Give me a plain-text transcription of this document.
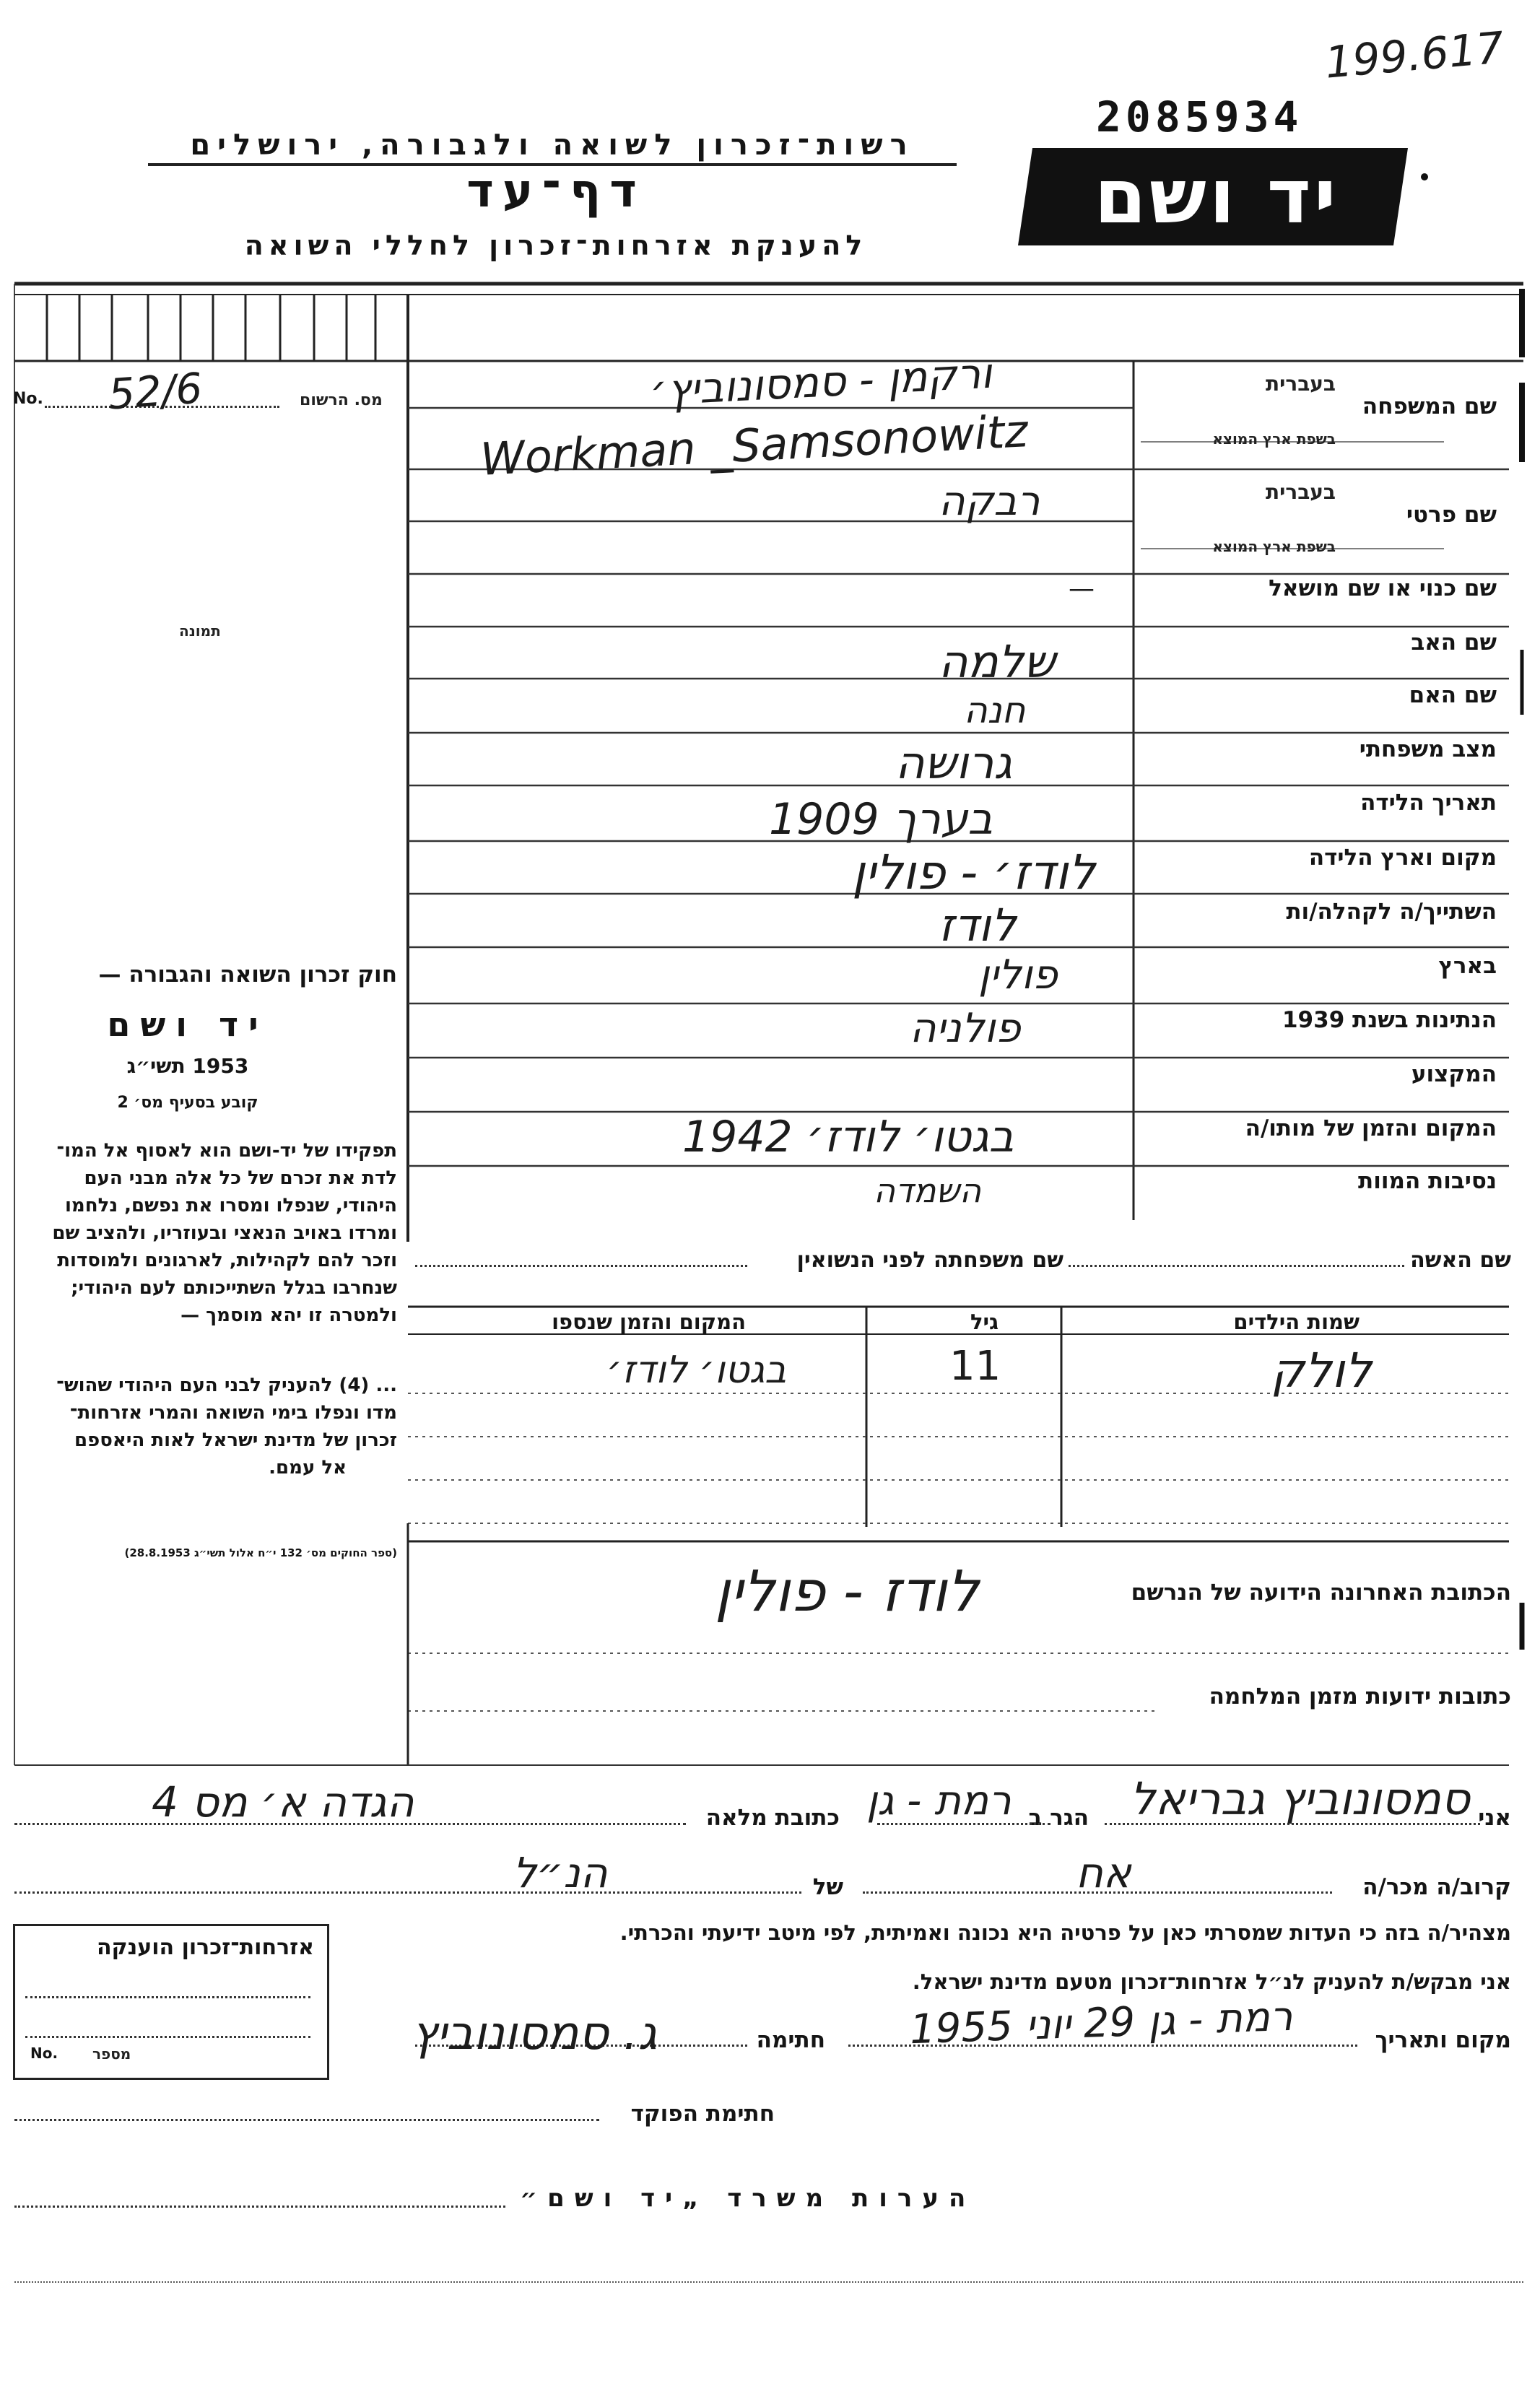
199.617
2085934
רשות־זכרון לשואה ולגבורה, ירושלים
דף־עד
להענקת אזרחות־זכרון לחללי השואה
יד ושם
No. 52/6	מס. הרשום
תמונה
חוק זכרון השואה והגבורה —
יד ושם
1953 תשי״ג
קובע בסעיף מס׳ 2
תפקידו של יד-ושם הוא לאסוף אל המו־
לדת את זכרם של כל אלה מבני העם
היהודי, שנפלו ומסרו את נפשם, נלחמו
ומרדו באויב הנאצי ובעוזריו, ולהציב שם
וזכר להם לקהילות, לארגונים ולמוסדות
שנחרבו בגלל השתייכותם לעם היהודי;
ולמטרה זו יהא מוסמך —
... (4) להעניק לבני העם היהודי שהוש־
מדו ונפלו בימי השואה והמרי אזרחות־
זכרון של מדינת ישראל לאות היאספם
אל עמם.
(ספר החוקים מס׳ 132 י״ח אלול תשי״ג 28.8.1953)
שם המשפחה
בעברית
בשפת ארץ המוצא
שם פרטי
בעברית
בשפת ארץ המוצא
שם כנוי או שם מושאל
שם האב
שם האם
מצב משפחתי
תאריך הלידה
מקום וארץ הלידה
השתייך/ה לקהלה/ות
בארץ
הנתינות בשנת 1939
המקצוע
המקום והזמן של מותו/ה
נסיבות המוות
ורקמן - סמסונוביץ׳
Workman _Samsonowitz
רבקה
—
שלמה
חנה
גרושה
בערך 1909
לודז׳ - פולין
לודז
פולין
פולניה
בגטו׳ לודז׳ 1942
השמדה
שם האשה
שם משפחתה לפני הנשואין
שמות הילדים
גיל
המקום והזמן שנספו
לולק
11
בגטו׳ לודז׳
הכתובת האחרונה הידועה של הנרשם
לודז - פולין
כתובות ידועות מזמן המלחמה
אני
סמסונוביץ גבריאל
הגר ב
רמת - גן
כתובת מלאה
הגדה א׳ מס 4
קרוב/ה מכר/ה
אח
של
הנ״ל
מצהיר/ה בזה כי העדות שמסרתי כאן על פרטיה היא נכונה ואמיתית, לפי מיטב ידיעתי והכרתי.
אני מבקש/ת להעניק לנ״ל אזרחות־זכרון מטעם מדינת ישראל.
מקום ותאריך
רמת - גן 29 יוני 1955
חתימה
ג. סמסונוביץ
חתימת הפוקד
אזרחות־זכרון הוענקה
No. מספר
הערות משרד „יד ושם״
